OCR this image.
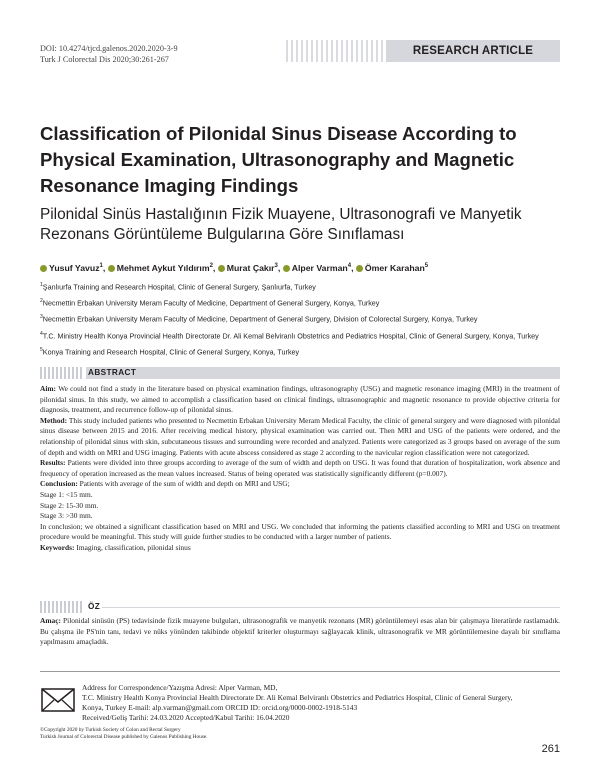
DOI: 10.4274/tjcd.galenos.2020.2020-3-9
Turk J Colorectal Dis 2020;30:261-267
RESEARCH ARTICLE
Classification of Pilonidal Sinus Disease According to Physical Examination, Ultrasonography and Magnetic Resonance Imaging Findings
Pilonidal Sinüs Hastalığının Fizik Muayene, Ultrasonografi ve Manyetik Rezonans Görüntüleme Bulgularına Göre Sınıflaması
Yusuf Yavuz$^1$, Mehmet Aykut Yıldırım$^2$, Murat Çakır$^3$, Alper Varman$^4$, Ömer Karahan$^5$

$^1$Şanlıurfa Training and Research Hospital, Clinic of General Surgery, Şanlıurfa, Turkey

$^2$Necmettin Erbakan University Meram Faculty of Medicine, Department of General Surgery, Konya, Turkey

$^3$Necmettin Erbakan University Meram Faculty of Medicine, Department of General Surgery, Division of Colorectal Surgery, Konya, Turkey

$^4$T.C. Ministry Health Konya Provincial Health Directorate Dr. Ali Kemal Belviranlı Obstetrics and Pediatrics Hospital, Clinic of General Surgery, Konya, Turkey

$^5$Konya Training and Research Hospital, Clinic of General Surgery, Konya, Turkey

ABSTRACT

Aim: We could not find a study in the literature based on physical examination findings, ultrasonography (USG) and magnetic resonance imaging (MRI) in the treatment of pilonidal sinus. In this study, we aimed to accomplish a classification based on clinical findings, ultrasonographic and magnetic resonance to provide objective criteria for diagnosis, treatment, and recurrence follow-up of pilonidal sinus.

Method: This study included patients who presented to Necmettin Erbakan University Meram Medical Faculty, the clinic of general surgery and were diagnosed with pilonidal sinus disease between 2015 and 2016. After receiving medical history, physical examination was carried out. Then MRI and USG of the patients were ordered, and the relationship of pilonidal sinus with skin, subcutaneous tissues and surrounding were recorded and analyzed. Patients were categorized as 3 groups based on average of the sum of depth and width on MRI and USG imaging. Patients with acute abscess considered as stage 2 according to the navicular region classification were not categorized.

Results: Patients were divided into three groups according to average of the sum of width and depth on USG. It was found that duration of hospitalization, work absence and frequency of operation increased as the mean values increased. Status of being operated was statistically significantly different (p=0.007).

Conclusion: Patients with average of the sum of width and depth on MRI and USG;

Stage 1: <15 mm.

Stage 2: 15-30 mm.

Stage 3: >30 mm.

In conclusion; we obtained a significant classification based on MRI and USG. We concluded that informing the patients classified according to MRI and USG on treatment procedure would be meaningful. This study will guide further studies to be conducted with a larger number of patients.

Keywords: Imaging, classification, pilonidal sinus

ÖZ
Amaç: Pilonidal sinüsün (PS) tedavisinde fizik muayene bulguları, ultrasonografik ve manyetik rezonans (MR) görüntülemeyi esas alan bir çalışmaya literatürde rastlamadık. Bu çalışma ile PS'nin tanı, tedavi ve nüks yönünden takibinde objektif kriterler oluşturmayı sağlayacak klinik, ultrasonografik ve MR görüntülemesine dayalı bir sınıflama yapılmasını amaçladık.
Address for Correspondence/Yazışma Adresi: Alper Varman, MD,
T.C. Ministry Health Konya Provincial Health Directorate Dr. Ali Kemal Belviranlı Obstetrics and Pediatrics Hospital, Clinic of General Surgery,
Konya, Turkey E-mail: alp.varman@gmail.com ORCID ID: orcid.org/0000-0002-1918-5143
Received/Geliş Tarihi: 24.03.2020 Accepted/Kabul Tarihi: 16.04.2020
©Copyright 2020 by Turkish Society of Colon and Rectal Surgery
Turkish Journal of Colorectal Disease published by Galenos Publishing House.
261
